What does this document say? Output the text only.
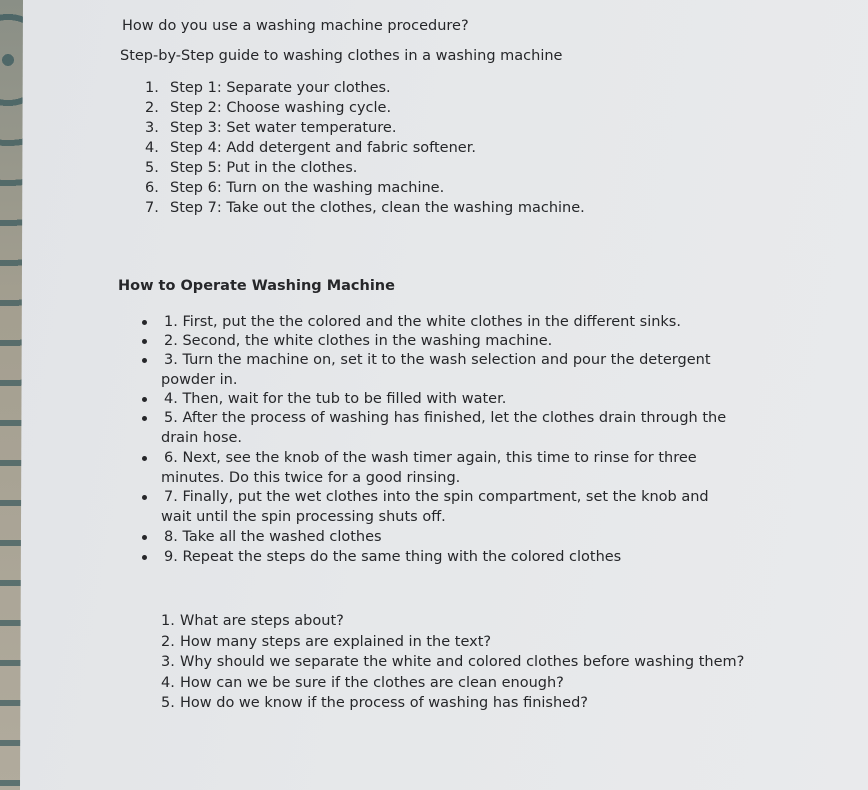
How do you use a washing machine procedure?
Step-by-Step guide to washing clothes in a washing machine
1. Step 1: Separate your clothes.
2. Step 2: Choose washing cycle.
3. Step 3: Set water temperature.
4. Step 4: Add detergent and fabric softener.
5. Step 5: Put in the clothes.
6. Step 6: Turn on the washing machine.
7. Step 7: Take out the clothes, clean the washing machine.
How to Operate Washing Machine
1. First, put the the colored and the white clothes in the different sinks.
2. Second, the white clothes in the washing machine.
3. Turn the machine on, set it to the wash selection and pour the detergent
powder in.
4. Then, wait for the tub to be filled with water.
5. After the process of washing has finished, let the clothes drain through the
drain hose.
6. Next, see the knob of the wash timer again, this time to rinse for three
minutes. Do this twice for a good rinsing.
7. Finally, put the wet clothes into the spin compartment, set the knob and
wait until the spin processing shuts off.
8. Take all the washed clothes
9. Repeat the steps do the same thing with the colored clothes
1. What are steps about?
2. How many steps are explained in the text?
3. Why should we separate the white and colored clothes before washing them?
4. How can we be sure if the clothes are clean enough?
5. How do we know if the process of washing has finished?
